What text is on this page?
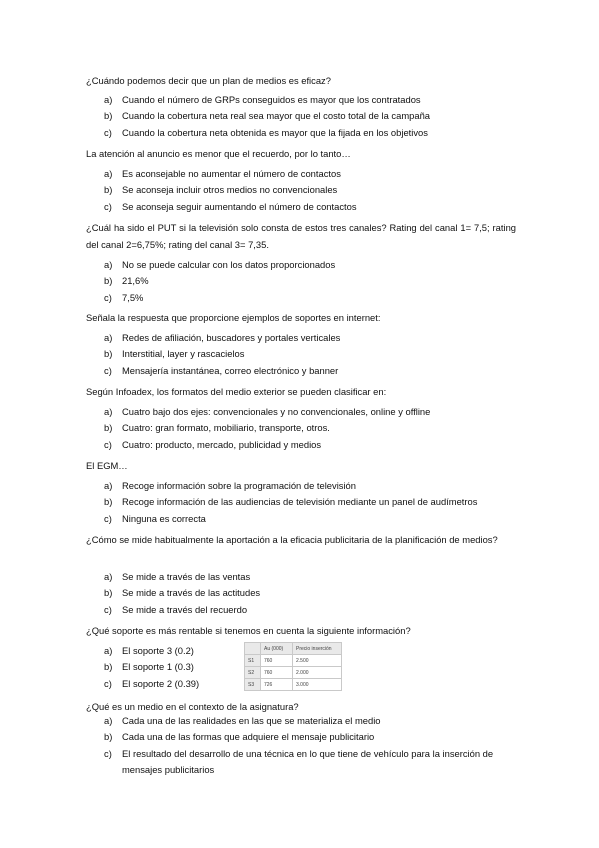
¿Cuándo podemos decir que un plan de medios es eficaz?
a) Cuando el número de GRPs conseguidos es mayor que los contratados
b) Cuando la cobertura neta real sea mayor que el costo total de la campaña
c) Cuando la cobertura neta obtenida es mayor que la fijada en los objetivos
La atención al anuncio es menor que el recuerdo, por lo tanto…
a) Es aconsejable no aumentar el número de contactos
b) Se aconseja incluir otros medios no convencionales
c) Se aconseja seguir aumentando el número de contactos
¿Cuál ha sido el PUT si la televisión solo consta de estos tres canales? Rating del canal 1= 7,5; rating del canal 2=6,75%; rating del canal 3= 7,35.
a) No se puede calcular con los datos proporcionados
b) 21,6%
c) 7,5%
Señala la respuesta que proporcione ejemplos de soportes en internet:
a) Redes de afiliación, buscadores y portales verticales
b) Interstitial, layer y rascacielos
c) Mensajería instantánea, correo electrónico y banner
Según Infoadex, los formatos del medio exterior se pueden clasificar en:
a) Cuatro bajo dos ejes: convencionales y no convencionales, online y offline
b) Cuatro: gran formato, mobiliario, transporte, otros.
c) Cuatro: producto, mercado, publicidad y medios
El EGM…
a) Recoge información sobre la programación de televisión
b) Recoge información de las audiencias de televisión mediante un panel de audímetros
c) Ninguna es correcta
¿Cómo se mide habitualmente la aportación a la eficacia publicitaria de la planificación de medios?
a) Se mide a través de las ventas
b) Se mide a través de las actitudes
c) Se mide a través del recuerdo
¿Qué soporte es más rentable si tenemos en cuenta la siguiente información?
a) El soporte 3 (0.2)
b) El soporte 1 (0.3)
c) El soporte 2 (0.39)
	Au (000)	Precio inserción
S1	760	2.500
S2	760	2.000
S3	726	3.000
¿Qué es un medio en el contexto de la asignatura?
a) Cada una de las realidades en las que se materializa el medio
b) Cada una de las formas que adquiere el mensaje publicitario
c) El resultado del desarrollo de una técnica en lo que tiene de vehículo para la inserción de mensajes publicitarios
